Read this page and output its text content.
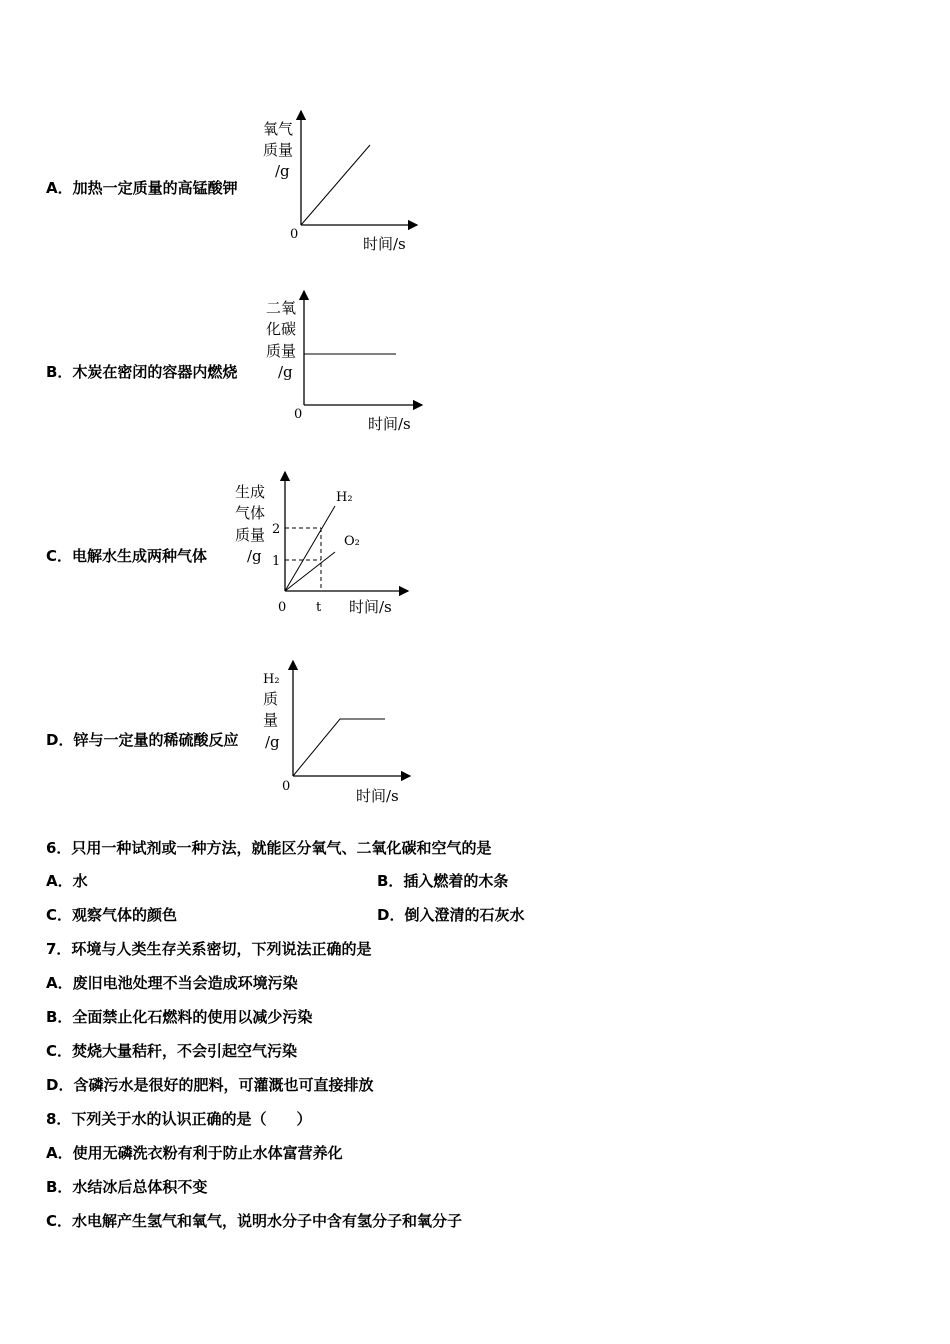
A．加热一定质量的高锰酸钾
氧气
质量
/g
0
时间/s
B．木炭在密闭的容器内燃烧
二氧
化碳
质量
/g
0
时间/s
C．电解水生成两种气体
H₂
O₂
2
1
t
生成
气体
质量
/g
0	时间/s
D．锌与一定量的稀硫酸反应
H₂
质
量
/g
0
时间/s
6．只用一种试剂或一种方法，就能区分氧气、二氧化碳和空气的是
A．水	B．插入燃着的木条
C．观察气体的颜色	D．倒入澄清的石灰水
7．环境与人类生存关系密切，下列说法正确的是
A．废旧电池处理不当会造成环境污染
B．全面禁止化石燃料的使用以减少污染
C．焚烧大量秸秆，不会引起空气污染
D．含磷污水是很好的肥料，可灌溉也可直接排放
8．下列关于水的认识正确的是（　　）
A．使用无磷洗衣粉有利于防止水体富营养化
B．水结冰后总体积不变
C．水电解产生氢气和氧气，说明水分子中含有氢分子和氧分子
